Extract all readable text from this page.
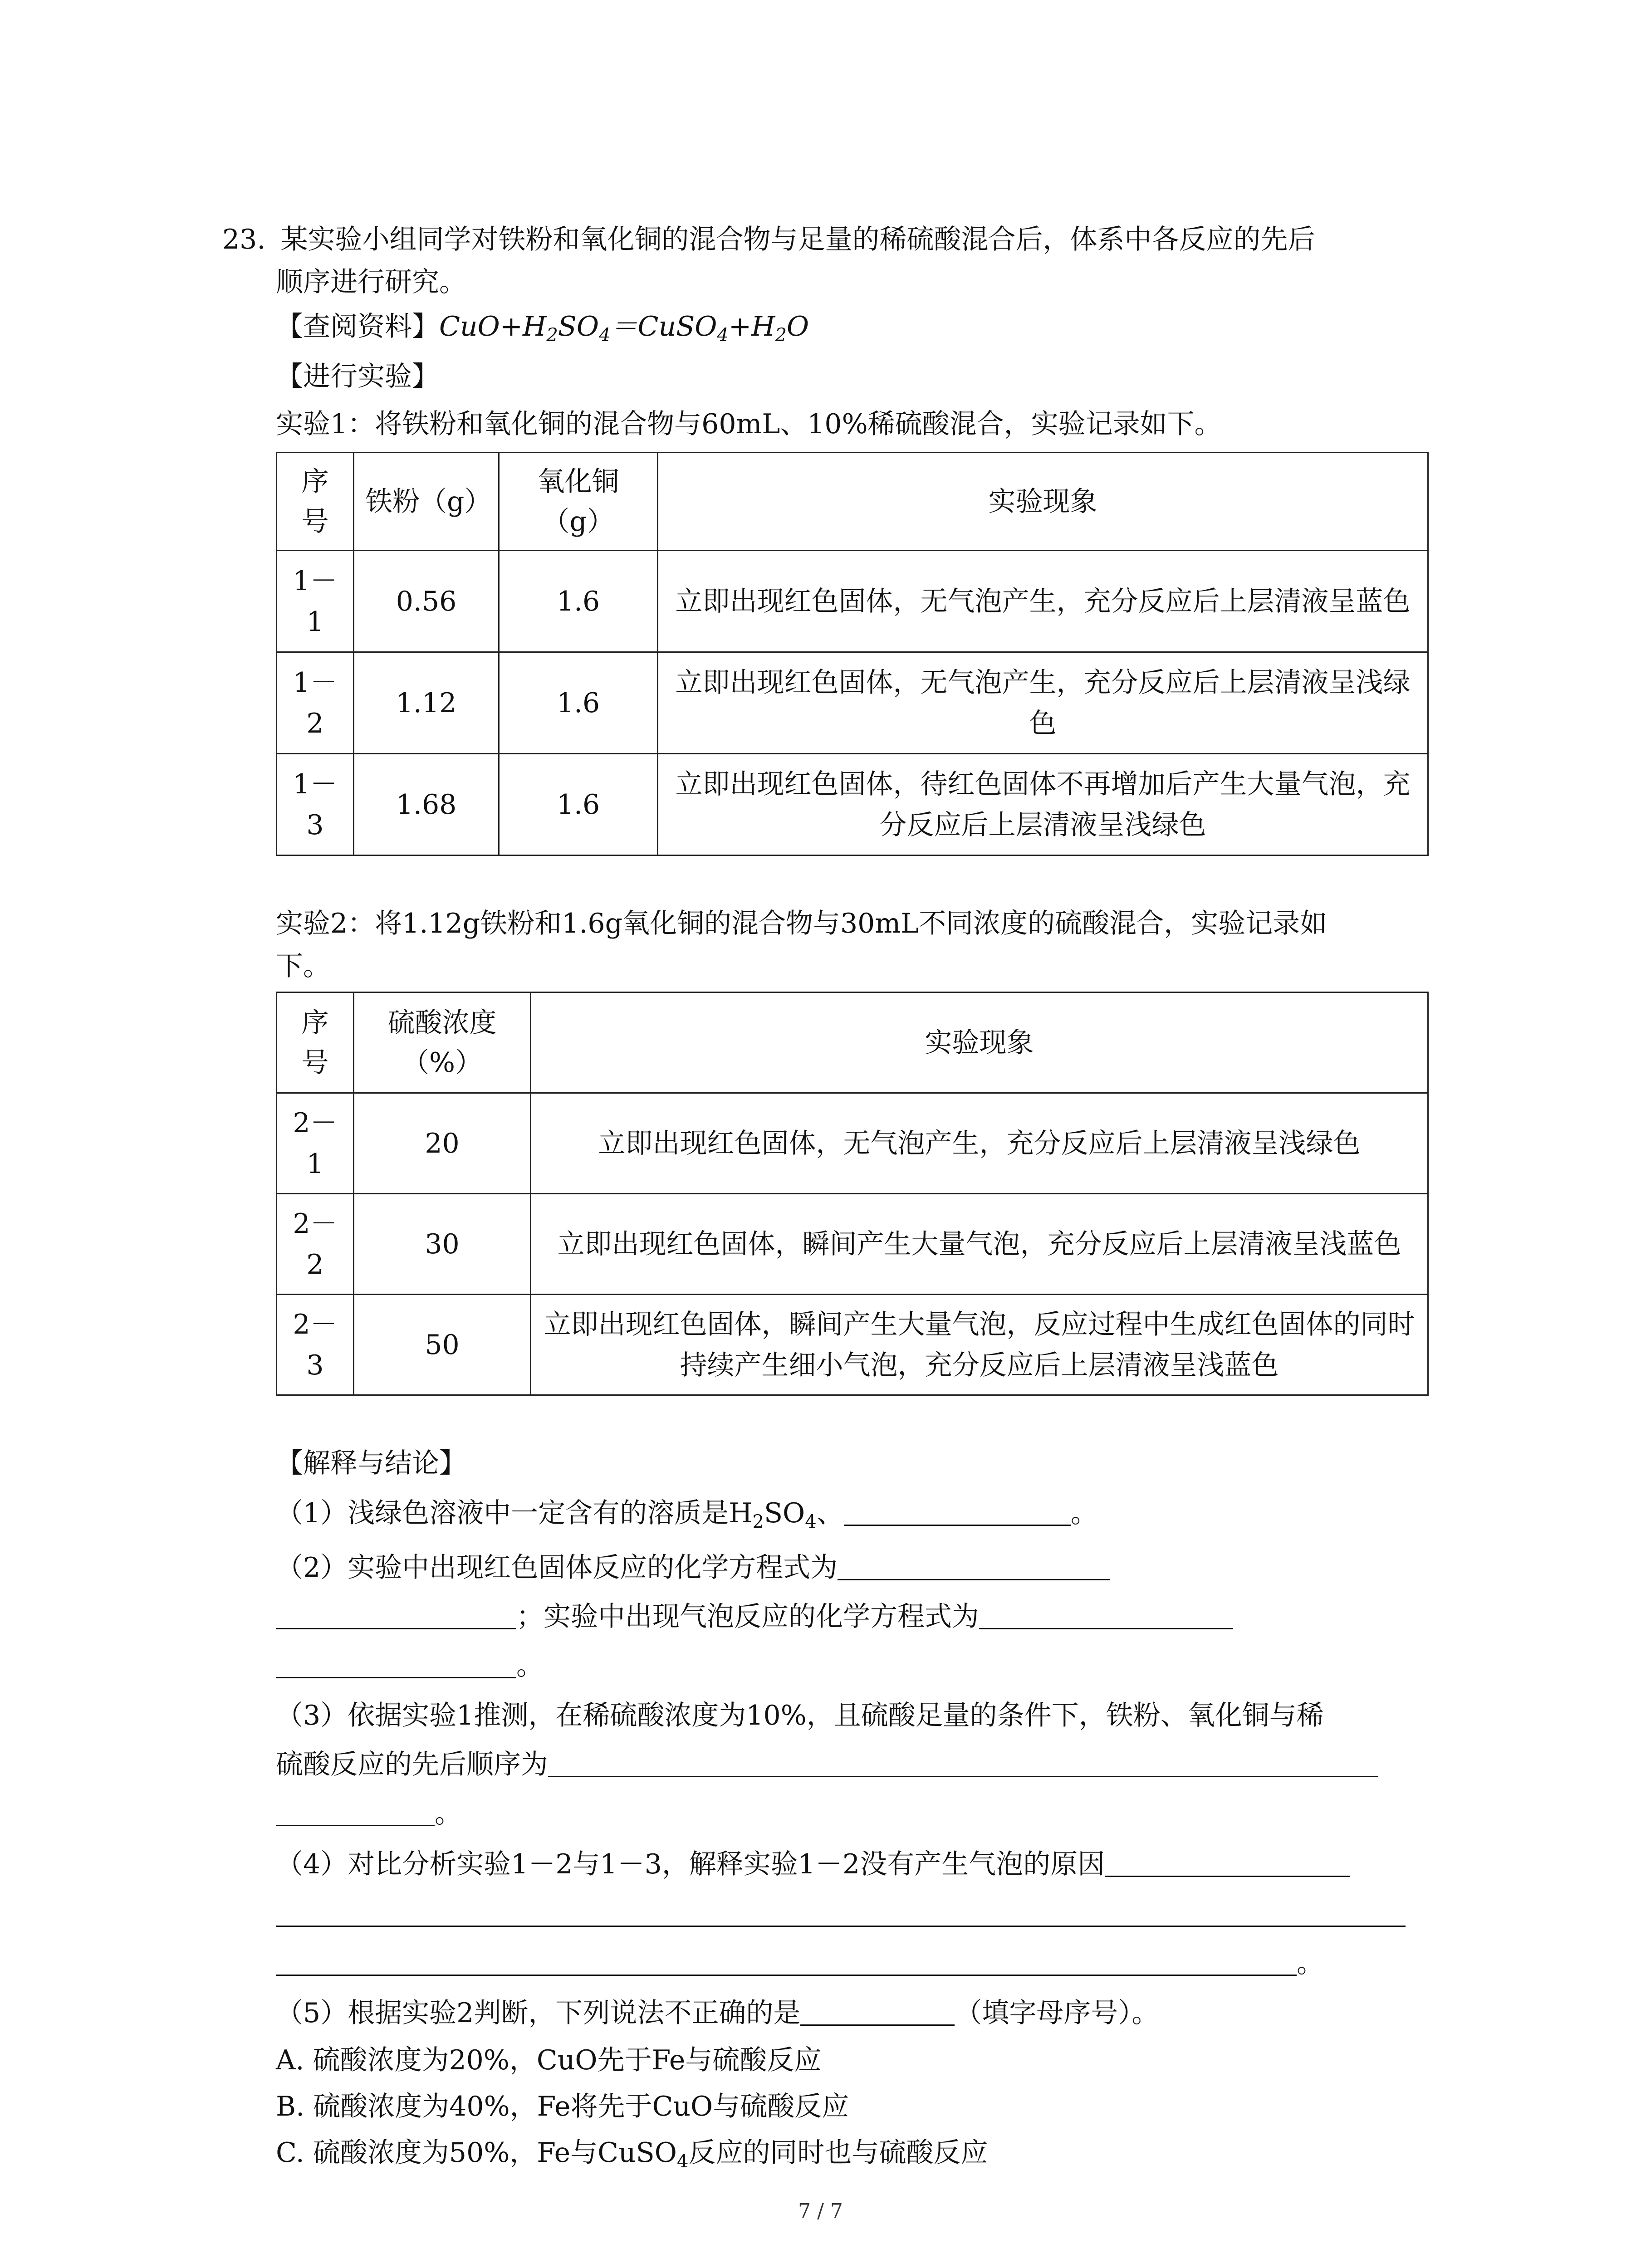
23. 某实验小组同学对铁粉和氧化铜的混合物与足量的稀硫酸混合后，体系中各反应的先后
顺序进行研究。
【查阅资料】$CuO+H_2SO_4=CuSO_4+H_2O$
【进行实验】
实验1：将铁粉和氧化铜的混合物与60mL、10%稀硫酸混合，实验记录如下。
序号	铁粉（g）	氧化铜（g）	实验现象
1－1	0.56	1.6	立即出现红色固体，无气泡产生，充分反应后上层清液呈蓝色
1－2	1.12	1.6	立即出现红色固体，无气泡产生，充分反应后上层清液呈浅绿色
1－3	1.68	1.6	立即出现红色固体，待红色固体不再增加后产生大量气泡，充分反应后上层清液呈浅绿色
实验2：将1.12g铁粉和1.6g氧化铜的混合物与30mL不同浓度的硫酸混合，实验记录如
下。
序号	硫酸浓度（%）	实验现象
2－1	20	立即出现红色固体，无气泡产生，充分反应后上层清液呈浅绿色
2－2	30	立即出现红色固体，瞬间产生大量气泡，充分反应后上层清液呈浅蓝色
2－3	50	立即出现红色固体，瞬间产生大量气泡，反应过程中生成红色固体的同时持续产生细小气泡，充分反应后上层清液呈浅蓝色
【解释与结论】
（1）浅绿色溶液中一定含有的溶质是$H_2SO_4$、	。
（2）实验中出现红色固体反应的化学方程式为
；实验中出现气泡反应的化学方程式为
。
（3）依据实验1推测，在稀硫酸浓度为10%，且硫酸足量的条件下，铁粉、氧化铜与稀
硫酸反应的先后顺序为
。
（4）对比分析实验1－2与1－3，解释实验1－2没有产生气泡的原因
。
（5）根据实验2判断，下列说法不正确的是	（填字母序号）。
A. 硫酸浓度为20%，CuO先于Fe与硫酸反应
B. 硫酸浓度为40%，Fe将先于CuO与硫酸反应
C. 硫酸浓度为50%，Fe与CuSO$_4$反应的同时也与硫酸反应
7 / 7
